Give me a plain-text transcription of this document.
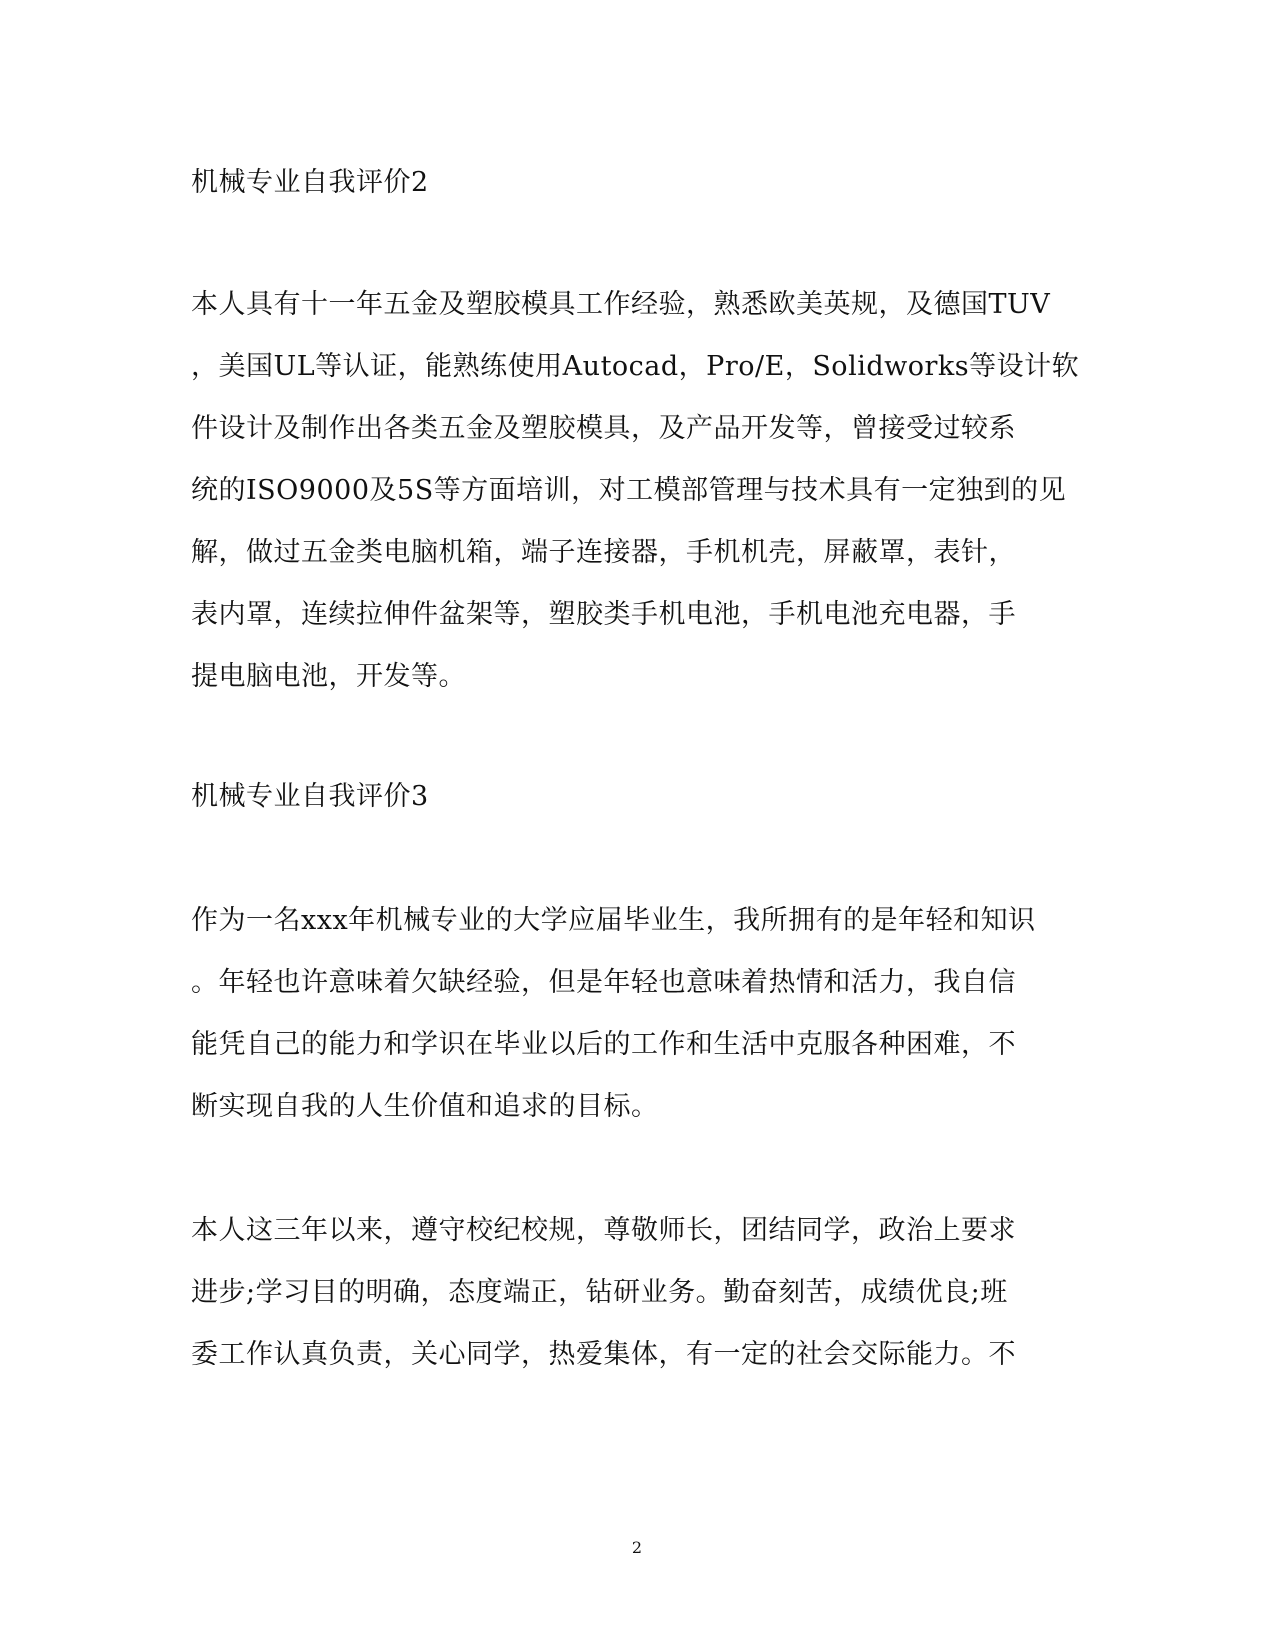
机械专业自我评价2
本人具有十一年五金及塑胶模具工作经验，熟悉欧美英规，及德国TUV
，美国UL等认证，能熟练使用Autocad，Pro/E，Solidworks等设计软
件设计及制作出各类五金及塑胶模具，及产品开发等，曾接受过较系
统的ISO9000及5S等方面培训，对工模部管理与技术具有一定独到的见
解，做过五金类电脑机箱，端子连接器，手机机壳，屏蔽罩，表针，
表内罩，连续拉伸件盆架等，塑胶类手机电池，手机电池充电器，手
提电脑电池，开发等。
机械专业自我评价3
作为一名xxx年机械专业的大学应届毕业生，我所拥有的是年轻和知识
。年轻也许意味着欠缺经验，但是年轻也意味着热情和活力，我自信
能凭自己的能力和学识在毕业以后的工作和生活中克服各种困难，不
断实现自我的人生价值和追求的目标。
本人这三年以来，遵守校纪校规，尊敬师长，团结同学，政治上要求
进步;学习目的明确，态度端正，钻研业务。勤奋刻苦，成绩优良;班
委工作认真负责，关心同学，热爱集体，有一定的社会交际能力。不
2
